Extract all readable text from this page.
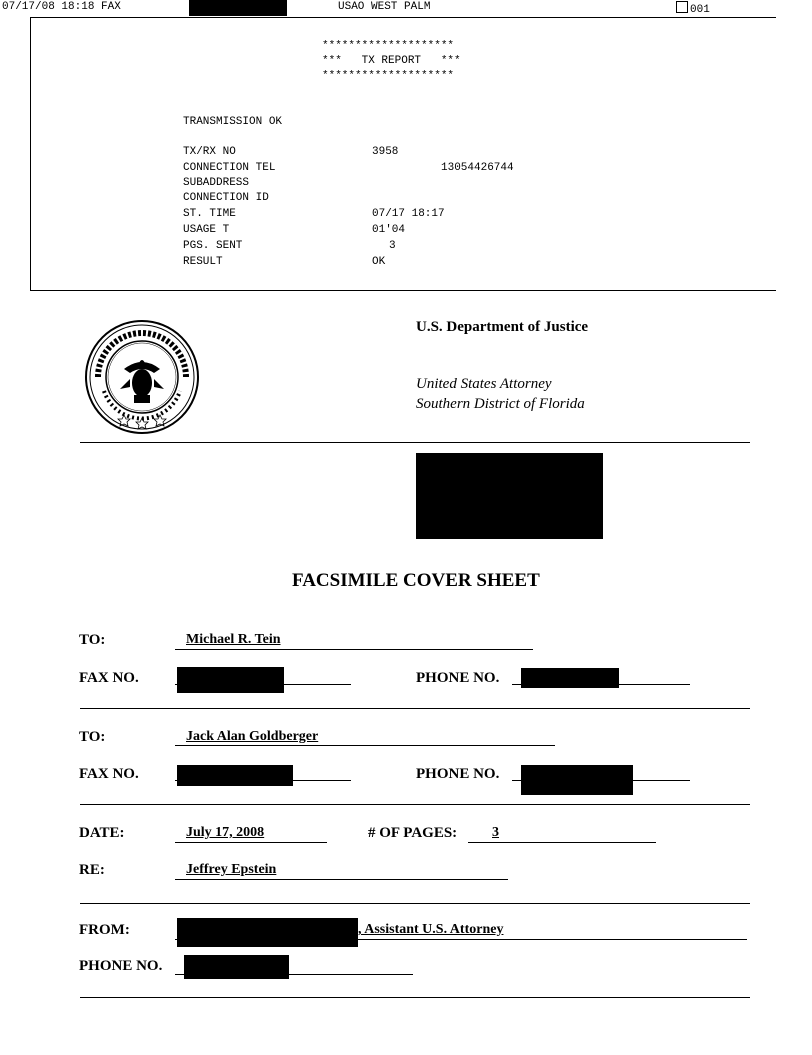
07/17/08 18:18 FAX	USAO WEST PALM	001
********************
***   TX REPORT   ***
********************
TRANSMISSION OK
TX/RX NO	3958
CONNECTION TEL	13054426744
SUBADDRESS
CONNECTION ID
ST. TIME	07/17 18:17
USAGE T	01'04
PGS. SENT	3
RESULT	OK
U.S. Department of Justice
United States Attorney
Southern District of Florida
FACSIMILE COVER SHEET
TO:	Michael R. Tein
FAX NO.	PHONE NO.
TO:	Jack Alan Goldberger
FAX NO.	PHONE NO.
DATE:	July 17, 2008	# OF PAGES: 3
RE:	Jeffrey Epstein
FROM:	, Assistant U.S. Attorney
PHONE NO.
